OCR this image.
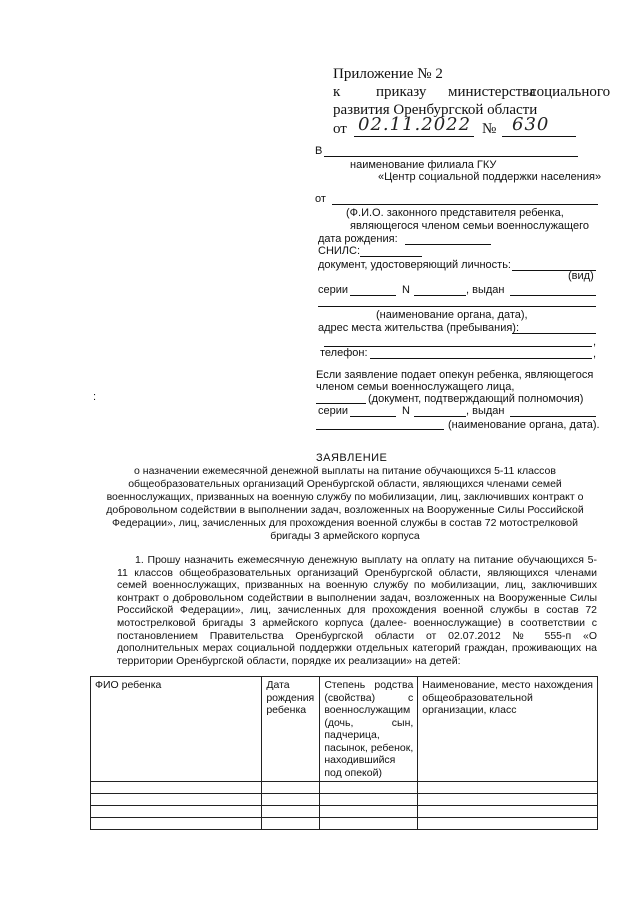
Приложение № 2
к приказу министерства
социального
развития Оренбургской области
от 02.11.2022 № 630
В
наименование филиала ГКУ
«Центр социальной поддержки населения»
от
(Ф.И.О. законного представителя ребенка,
являющегося членом семьи военнослужащего
дата рождения:
СНИЛС:
документ, удостоверяющий личность:
(вид)
серии	N	, выдан
(наименование органа, дата),
адрес места жительства (пребывания):
,
телефон:	,
Если заявление подает опекун ребенка, являющегося
членом семьи военнослужащего лица,
(документ, подтверждающий полномочия)
серии	N	, выдан
(наименование органа, дата).
:
ЗАЯВЛЕНИЕ
о назначении ежемесячной денежной выплаты на питание обучающихся 5-11 классов
общеобразовательных организаций Оренбургской области, являющихся членами семей
военнослужащих, призванных на военную службу по мобилизации, лиц, заключивших контракт о
добровольном содействии в выполнении задач, возложенных на Вооруженные Силы Российской
Федерации», лиц, зачисленных для прохождения военной службы в состав 72 мотострелковой
бригады 3 армейского корпуса
1. Прошу назначить ежемесячную денежную выплату на оплату на питание обучающихся 5-11 классов общеобразовательных организаций Оренбургской области, являющихся членами семей военнослужащих, призванных на военную службу по мобилизации, лиц, заключивших контракт о добровольном содействии в выполнении задач, возложенных на Вооруженные Силы Российской Федерации», лиц, зачисленных для прохождения военной службы в состав 72 мотострелковой бригады 3 армейского корпуса (далее- военнослужащие) в соответствии с постановлением Правительства Оренбургской области от 02.07.2012 № 555-п «О дополнительных мерах социальной поддержки отдельных категорий граждан, проживающих на территории Оренбургской области, порядке их реализации» на детей:
ФИО ребенка	Дата рождения ребенка	Степень родства (свойства) с военнослужащим (дочь, сын, падчерица, пасынок, ребенок, находившийся под опекой)	Наименование, место нахождения общеобразовательной организации, класс
